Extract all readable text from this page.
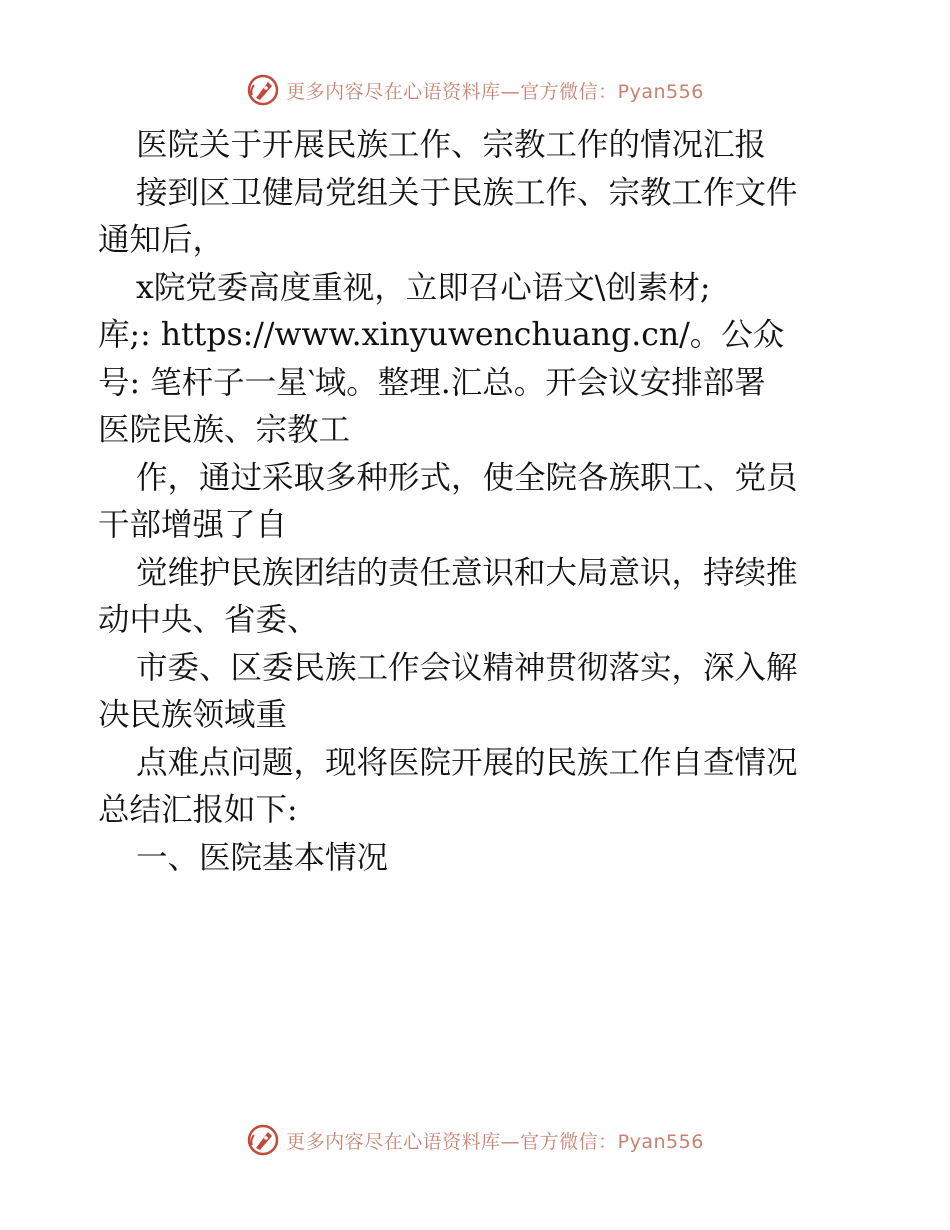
更多内容尽在心语资料库—官方微信：Pyan556
医院关于开展民族工作、宗教工作的情况汇报
接到区卫健局党组关于民族工作、宗教工作文件
通知后，
x院党委高度重视，立即召心语文\创素材;
库;: https://www.xinyuwenchuang.cn/。公众
号: 笔杆子一星‵域。整理.汇总。开会议安排部署
医院民族、宗教工
作，通过采取多种形式，使全院各族职工、党员
干部增强了自
觉维护民族团结的责任意识和大局意识，持续推
动中央、省委、
市委、区委民族工作会议精神贯彻落实，深入解
决民族领域重
点难点问题，现将医院开展的民族工作自查情况
总结汇报如下:
一、医院基本情况
更多内容尽在心语资料库—官方微信：Pyan556
